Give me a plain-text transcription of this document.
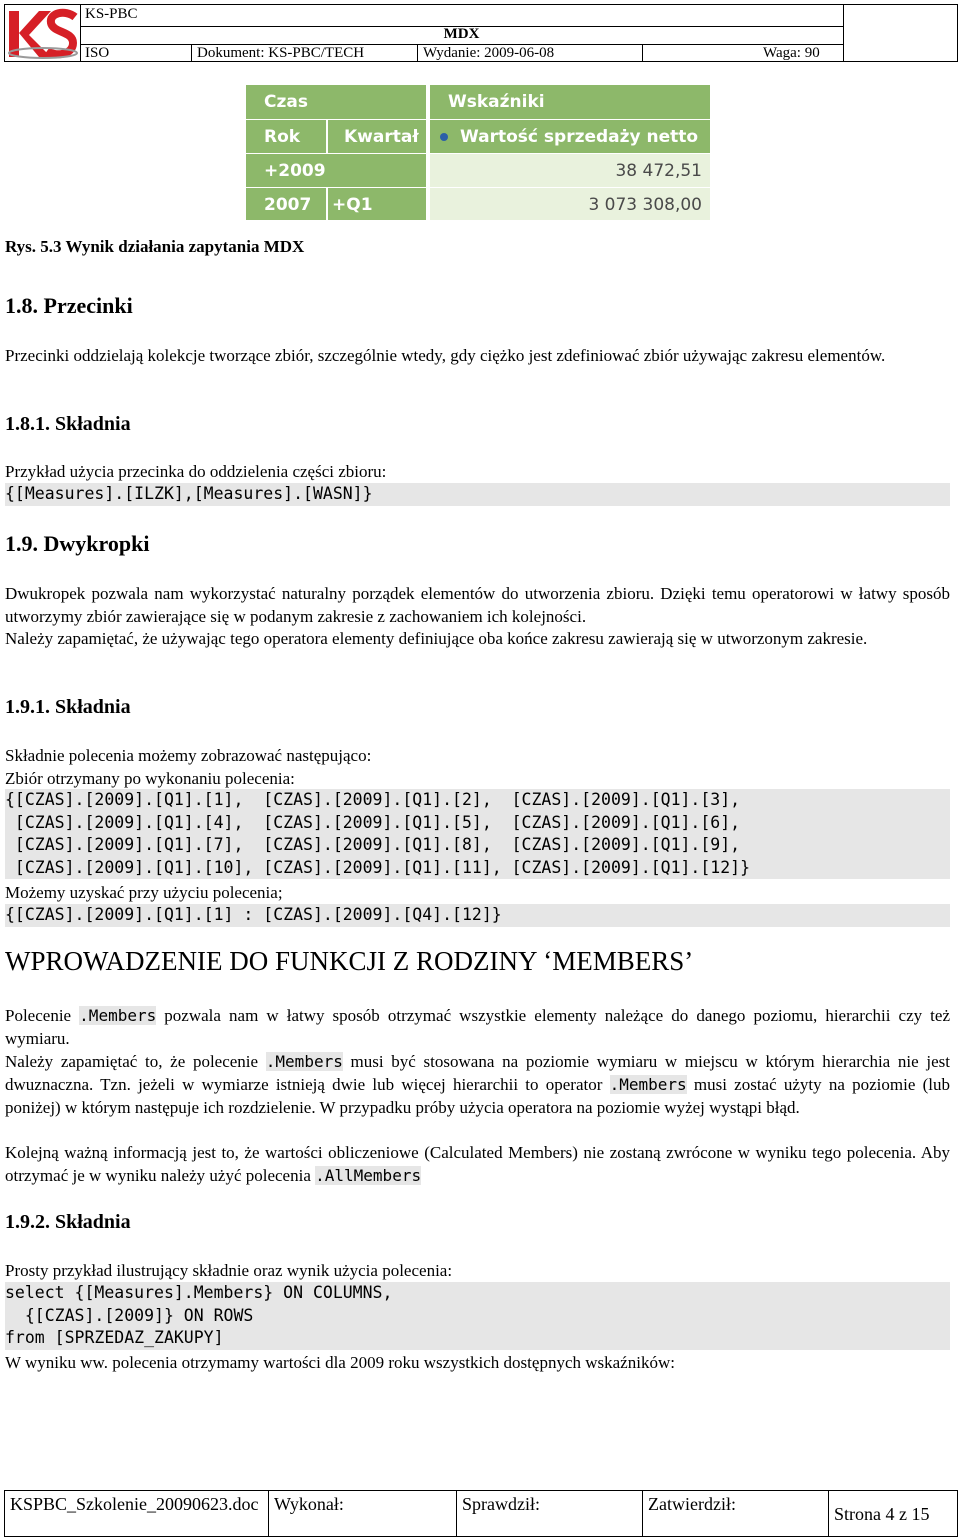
KS-PBC
MDX
ISO	Dokument: KS-PBC/TECH	Wydanie: 2009-06-08	Waga: 90
Czas	Wskaźniki
Rok	Kwartał	Wartość sprzedaży netto
+2009	38 472,51
2007	+Q1	3 073 308,00
Rys. 5.3 Wynik działania zapytania MDX
1.8. Przecinki
Przecinki oddzielają kolekcje tworzące zbiór, szczególnie wtedy, gdy ciężko jest zdefiniować zbiór używając zakresu elementów.
1.8.1. Składnia
Przykład użycia przecinka do oddzielenia części zbioru:
{[Measures].[ILZK],[Measures].[WASN]}
1.9. Dwykropki
Dwukropek pozwala nam wykorzystać naturalny porządek elementów do utworzenia zbioru. Dzięki temu operatorowi w łatwy sposób utworzymy zbiór zawierające się w podanym zakresie z zachowaniem ich kolejności.
Należy zapamiętać, że używając tego operatora elementy definiujące oba końce zakresu zawierają się w utworzonym zakresie.
1.9.1. Składnia
Składnie polecenia możemy zobrazować następująco:
Zbiór otrzymany po wykonaniu polecenia:
{[CZAS].[2009].[Q1].[1],  [CZAS].[2009].[Q1].[2],  [CZAS].[2009].[Q1].[3],
[CZAS].[2009].[Q1].[4],  [CZAS].[2009].[Q1].[5],  [CZAS].[2009].[Q1].[6],
[CZAS].[2009].[Q1].[7],  [CZAS].[2009].[Q1].[8],  [CZAS].[2009].[Q1].[9],
[CZAS].[2009].[Q1].[10], [CZAS].[2009].[Q1].[11], [CZAS].[2009].[Q1].[12]}
Możemy uzyskać przy użyciu polecenia;
{[CZAS].[2009].[Q1].[1] : [CZAS].[2009].[Q4].[12]}
WPROWADZENIE DO FUNKCJI Z RODZINY ‘MEMBERS’
Polecenie .Members pozwala nam w łatwy sposób otrzymać wszystkie elementy należące do danego poziomu, hierarchii czy też wymiaru.
Należy zapamiętać to, że polecenie .Members musi być stosowana na poziomie wymiaru w miejscu w którym hierarchia nie jest dwuznaczna. Tzn. jeżeli w wymiarze istnieją dwie lub więcej hierarchii to operator .Members musi zostać użyty na poziomie (lub poniżej) w którym następuje ich rozdzielenie. W przypadku próby użycia operatora na poziomie wyżej wystąpi błąd.
Kolejną ważną informacją jest to, że wartości obliczeniowe (Calculated Members) nie zostaną zwrócone w wyniku tego polecenia. Aby otrzymać je w wyniku należy użyć polecenia .AllMembers
1.9.2. Składnia
Prosty przykład ilustrujący składnie oraz wynik użycia polecenia:
select {[Measures].Members} ON COLUMNS,
{[CZAS].[2009]} ON ROWS
from [SPRZEDAZ_ZAKUPY]
W wyniku ww. polecenia otrzymamy wartości dla 2009 roku wszystkich dostępnych wskaźników:
KSPBC_Szkolenie_20090623.doc Wykonał:	Sprawdził:	Zatwierdził:	Strona 4 z 15
